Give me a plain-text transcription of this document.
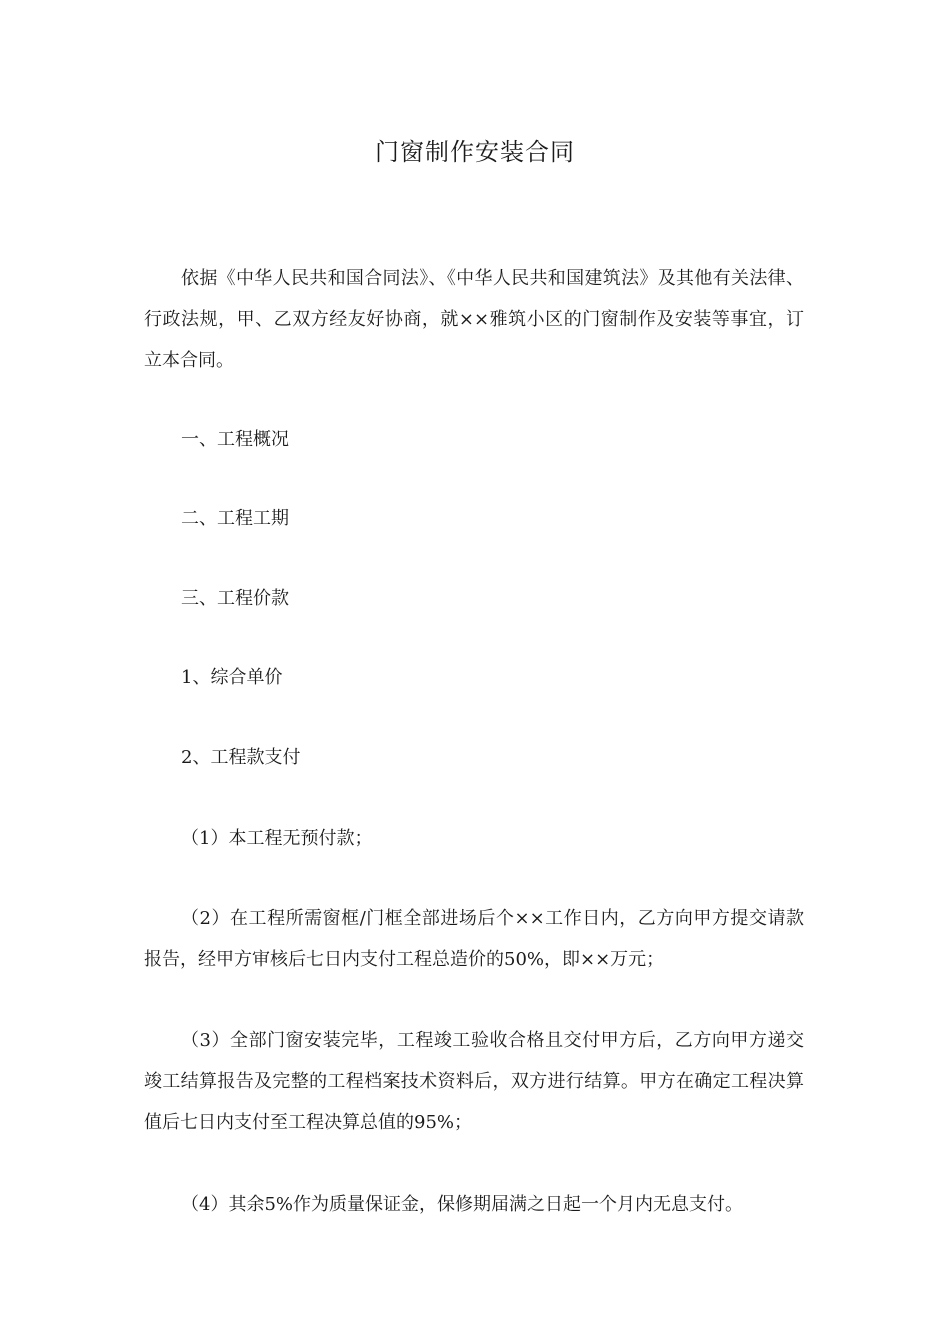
门窗制作安装合同

依据《中华人民共和国合同法》、《中华人民共和国建筑法》及其他有关法律、行政法规，甲、乙双方经友好协商，就××雅筑小区的门窗制作及安装等事宜，订立本合同。

一、工程概况

二、工程工期

三、工程价款

1、综合单价

2、工程款支付

（1）本工程无预付款；

（2）在工程所需窗框/门框全部进场后个××工作日内，乙方向甲方提交请款报告，经甲方审核后七日内支付工程总造价的50%，即××万元；

（3）全部门窗安装完毕，工程竣工验收合格且交付甲方后，乙方向甲方递交竣工结算报告及完整的工程档案技术资料后，双方进行结算。甲方在确定工程决算值后七日内支付至工程决算总值的95%；

（4）其余5%作为质量保证金，保修期届满之日起一个月内无息支付。
